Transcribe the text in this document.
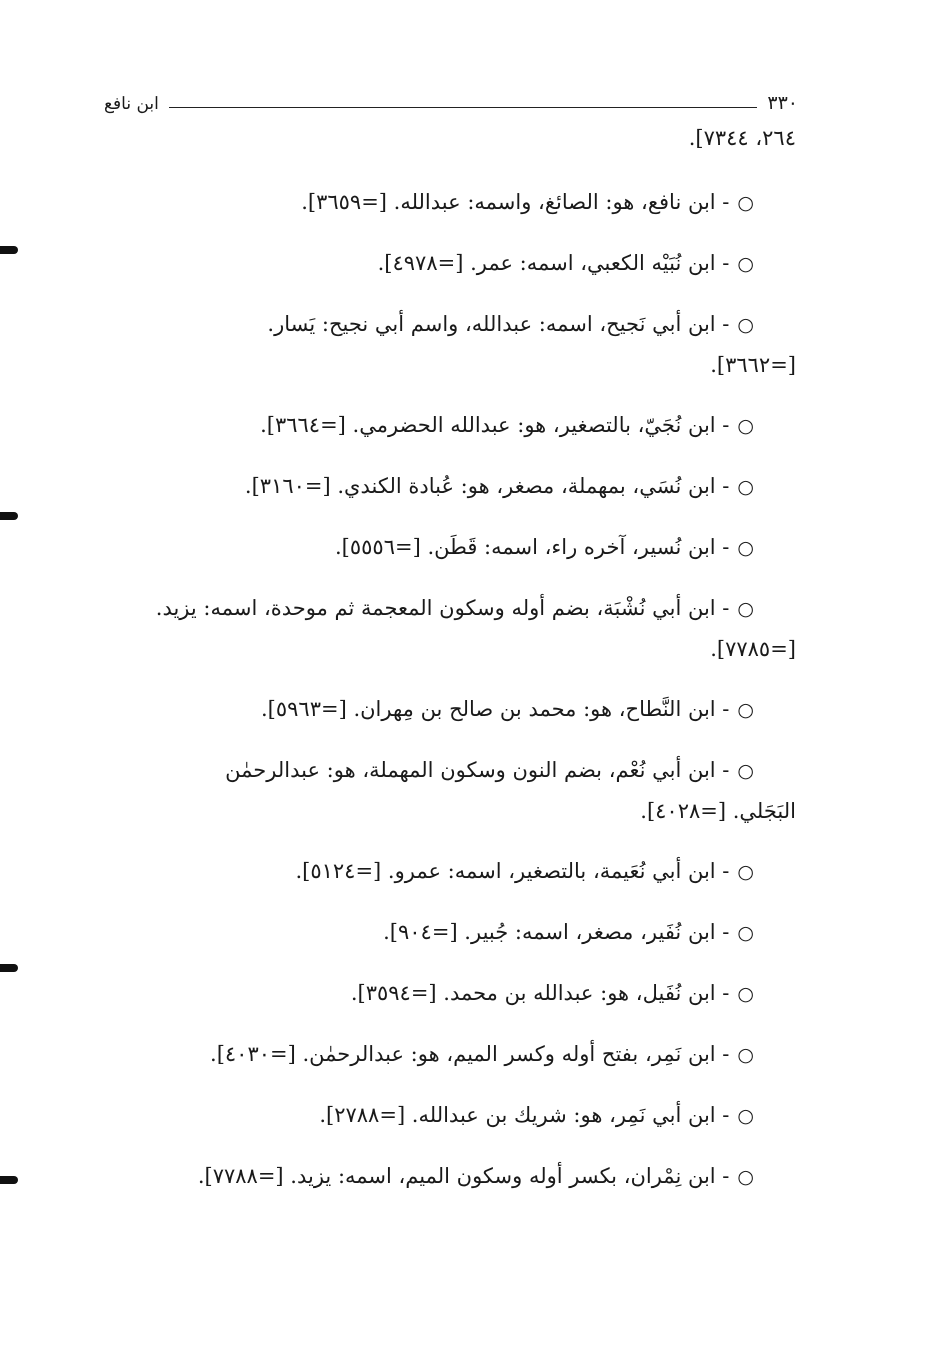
٣٣٠
ابن نافع
٢٦٤، ٧٣٤٤].
○- ابن نافع، هو: الصائغ، واسمه: عبدالله. [=٣٦٥٩].
○- ابن نُبَيْه الكعبي، اسمه: عمر. [=٤٩٧٨].
○- ابن أبي نَجيح، اسمه: عبدالله، واسم أبي نجيح: يَسار.
[=٣٦٦٢].
○- ابن نُجَيّ، بالتصغير، هو: عبدالله الحضرمي. [=٣٦٦٤].
○- ابن نُسَي، بمهملة، مصغر، هو: عُبادة الكندي. [=٣١٦٠].
○- ابن نُسير، آخره راء، اسمه: قَطَن. [=٥٥٥٦].
○- ابن أبي نُشْبَة، بضم أوله وسكون المعجمة ثم موحدة، اسمه: يزيد.
[=٧٧٨٥].
○- ابن النَّطاح، هو: محمد بن صالح بن مِهران. [=٥٩٦٣].
○- ابن أبي نُعْم، بضم النون وسكون المهملة، هو: عبدالرحمٰن
البَجَلي. [=٤٠٢٨].
○- ابن أبي نُعَيمة، بالتصغير، اسمه: عمرو. [=٥١٢٤].
○- ابن نُفَير، مصغر، اسمه: جُبير. [=٩٠٤].
○- ابن نُفَيل، هو: عبدالله بن محمد. [=٣٥٩٤].
○- ابن نَمِر، بفتح أوله وكسر الميم، هو: عبدالرحمٰن. [=٤٠٣٠].
○- ابن أبي نَمِر، هو: شريك بن عبدالله. [=٢٧٨٨].
○- ابن نِمْران، بكسر أوله وسكون الميم، اسمه: يزيد. [=٧٧٨٨].
